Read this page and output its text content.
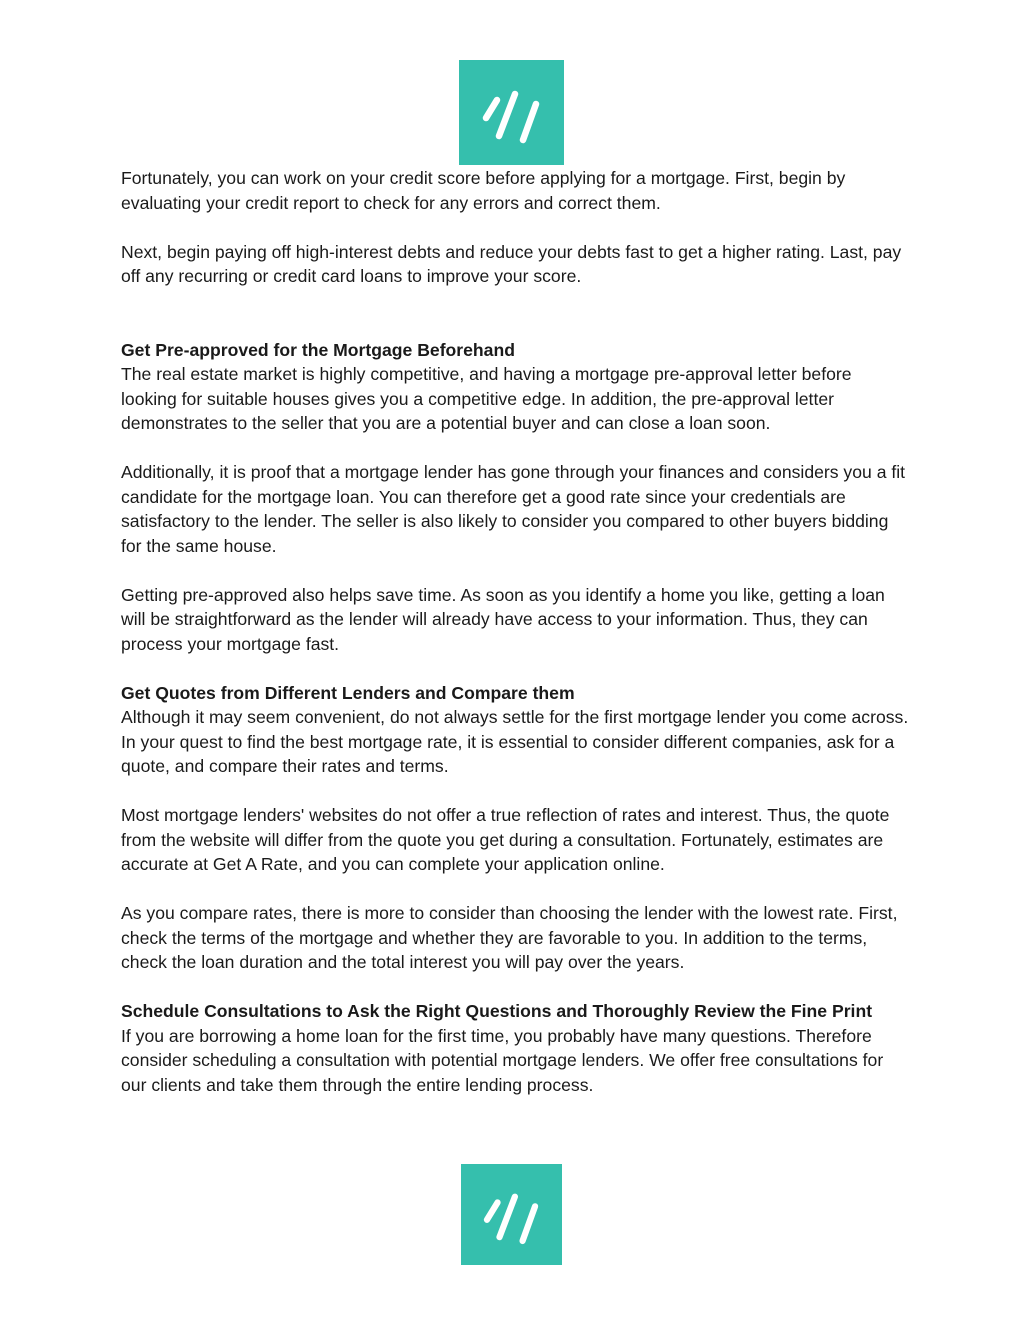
Fortunately, you can work on your credit score before applying for a mortgage. First, begin by evaluating your credit report to check for any errors and correct them.

Next, begin paying off high-interest debts and reduce your debts fast to get a higher rating. Last, pay off any recurring or credit card loans to improve your score.

Get Pre-approved for the Mortgage Beforehand

The real estate market is highly competitive, and having a mortgage pre-approval letter before looking for suitable houses gives you a competitive edge. In addition, the pre-approval letter demonstrates to the seller that you are a potential buyer and can close a loan soon.

Additionally, it is proof that a mortgage lender has gone through your finances and considers you a fit candidate for the mortgage loan. You can therefore get a good rate since your credentials are satisfactory to the lender. The seller is also likely to consider you compared to other buyers bidding for the same house.

Getting pre-approved also helps save time. As soon as you identify a home you like, getting a loan will be straightforward as the lender will already have access to your information. Thus, they can process your mortgage fast.

Get Quotes from Different Lenders and Compare them

Although it may seem convenient, do not always settle for the first mortgage lender you come across. In your quest to find the best mortgage rate, it is essential to consider different companies, ask for a quote, and compare their rates and terms.

Most mortgage lenders' websites do not offer a true reflection of rates and interest. Thus, the quote from the website will differ from the quote you get during a consultation. Fortunately, estimates are accurate at Get A Rate, and you can complete your application online.

As you compare rates, there is more to consider than choosing the lender with the lowest rate. First, check the terms of the mortgage and whether they are favorable to you. In addition to the terms, check the loan duration and the total interest you will pay over the years.

Schedule Consultations to Ask the Right Questions and Thoroughly Review the Fine Print

If you are borrowing a home loan for the first time, you probably have many questions. Therefore consider scheduling a consultation with potential mortgage lenders. We offer free consultations for our clients and take them through the entire lending process.
